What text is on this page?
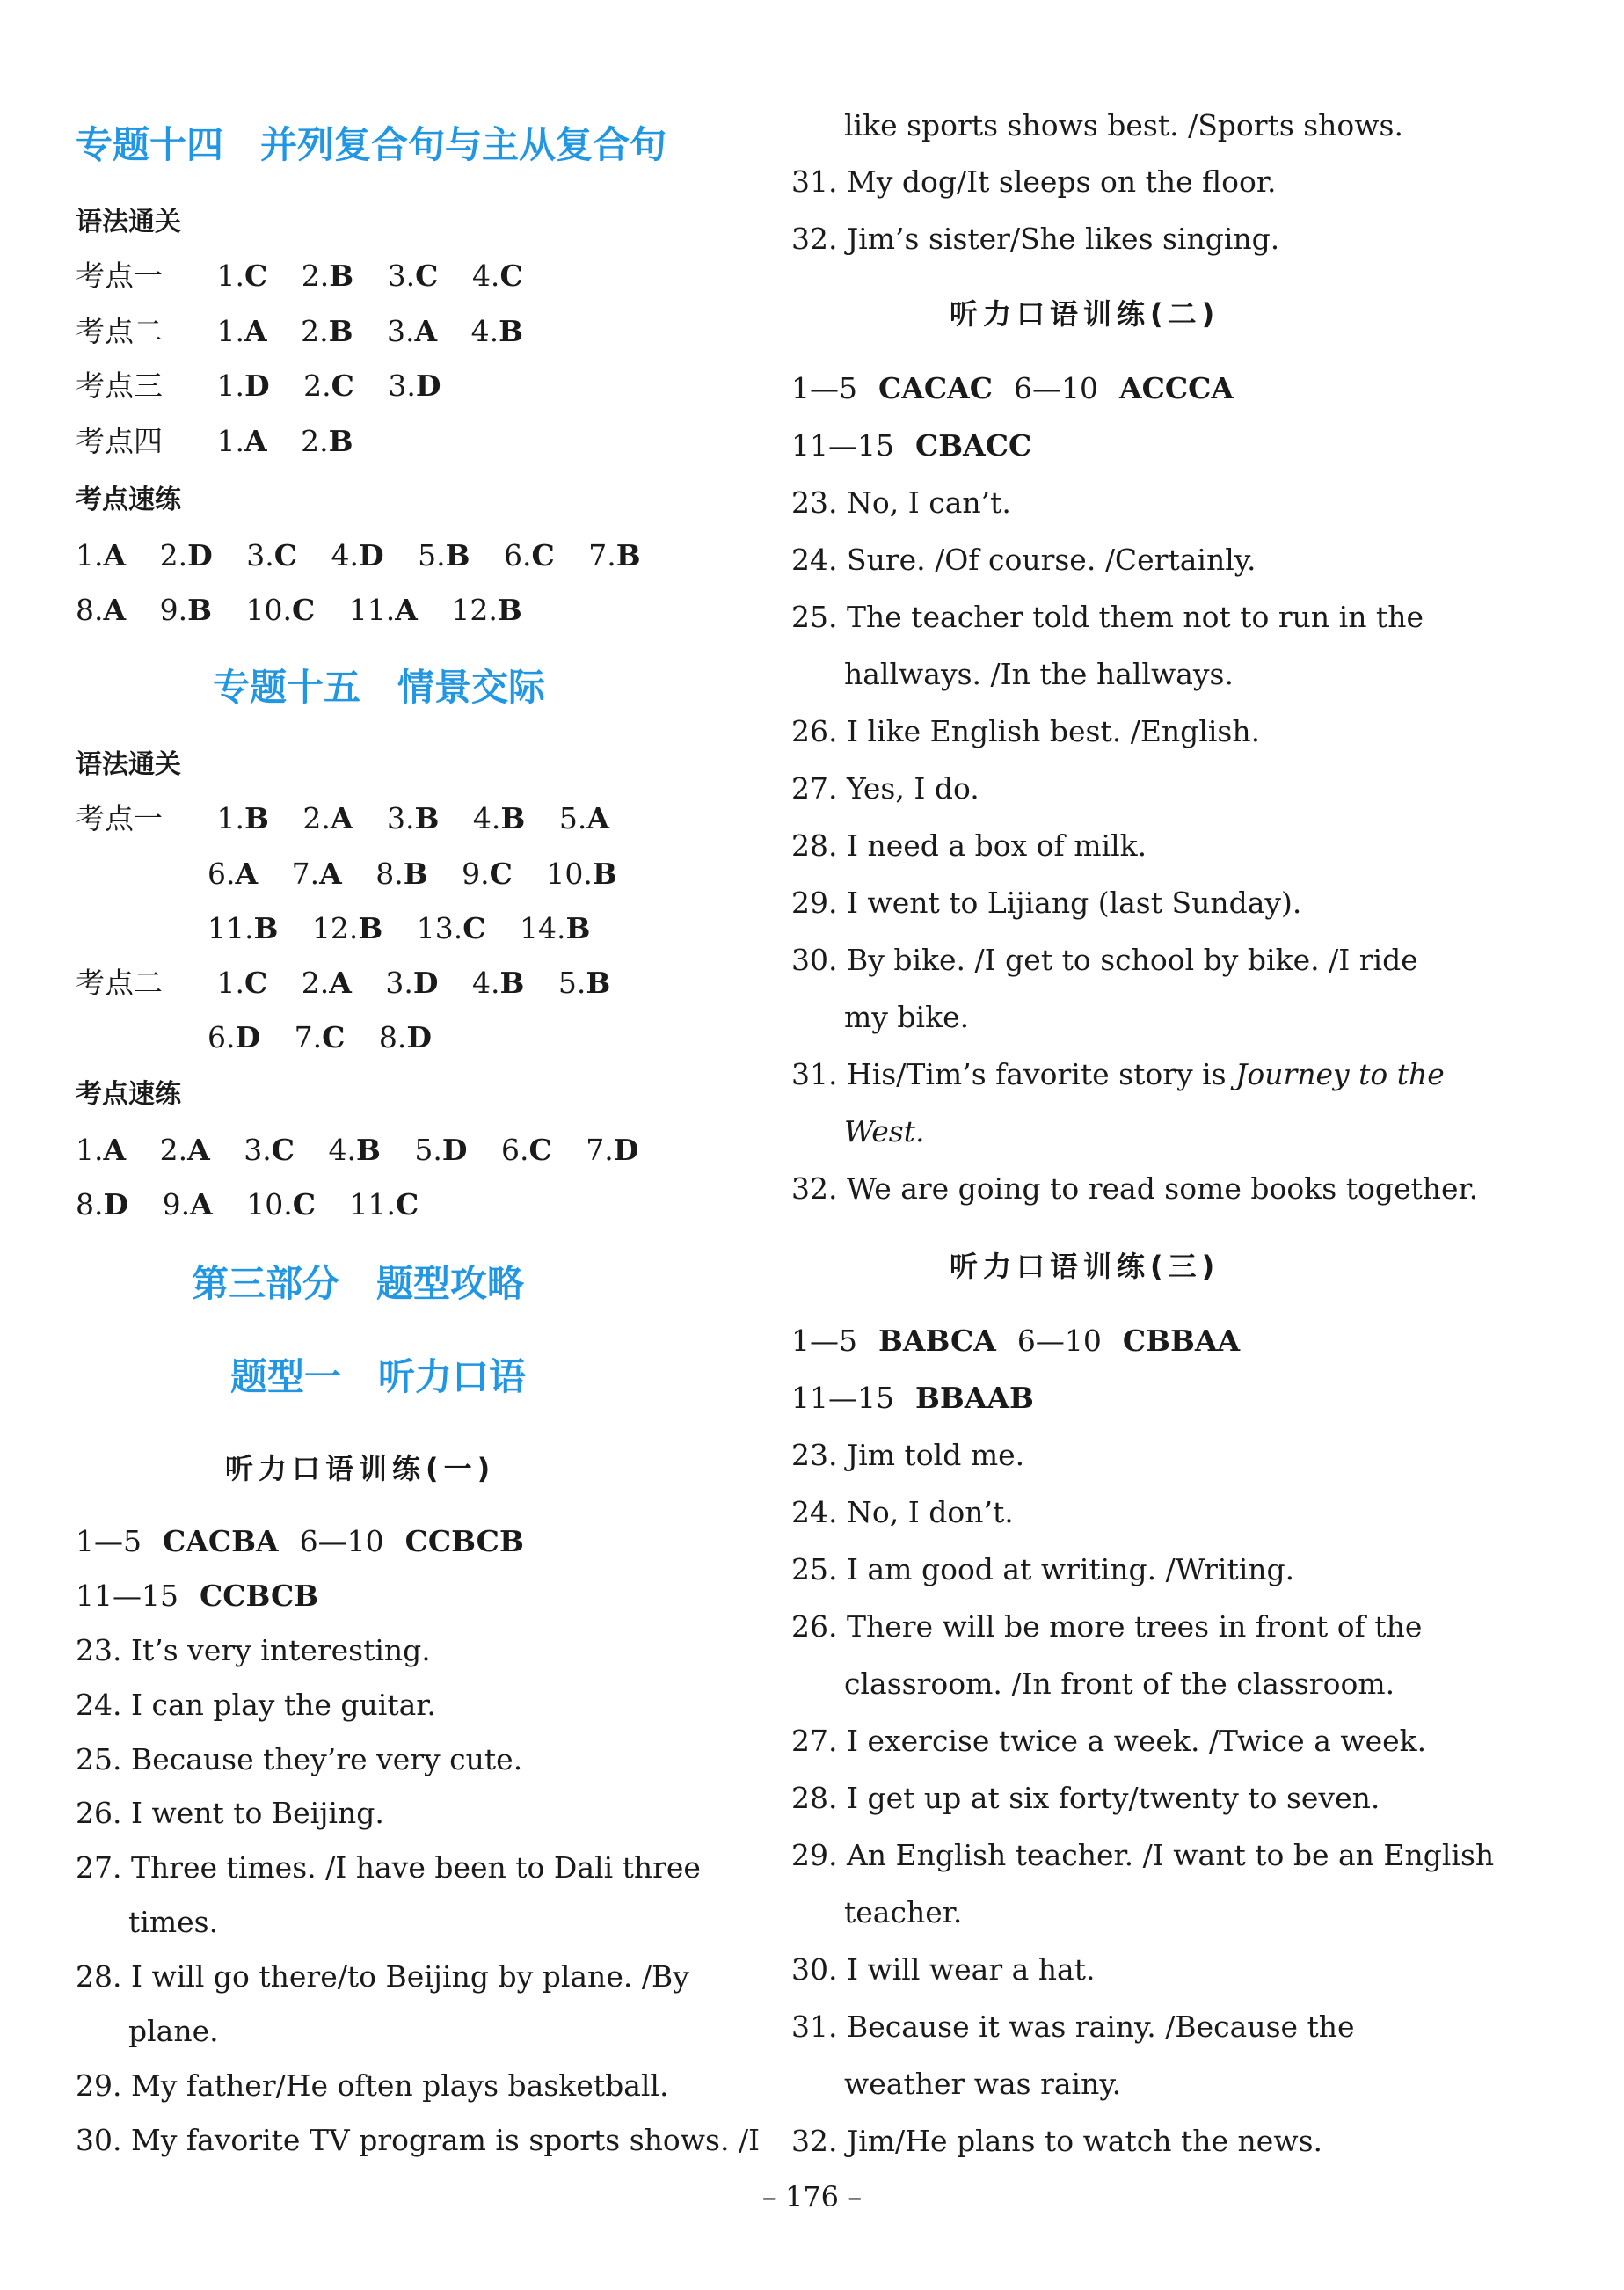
专题十四　并列复合句与主从复合句
语法通关
考点一 1.C 2.B 3.C 4.C
考点二 1.A 2.B 3.A 4.B
考点三 1.D 2.C 3.D
考点四 1.A 2.B
考点速练
1.A 2.D 3.C 4.D 5.B 6.C 7.B
8.A 9.B 10.C 11.A 12.B
专题十五　情景交际
语法通关
考点一 1.B 2.A 3.B 4.B 5.A
6.A 7.A 8.B 9.C 10.B
11.B 12.B 13.C 14.B
考点二 1.C 2.A 3.D 4.B 5.B
6.D 7.C 8.D
考点速练
1.A 2.A 3.C 4.B 5.D 6.C 7.D
8.D 9.A 10.C 11.C
第三部分　题型攻略
题型一　听力口语
听力口语训练(一)
1—5 CACBA 6—10 CCBCB
11—15 CCBCB
23. It’s very interesting.
24. I can play the guitar.
25. Because they’re very cute.
26. I went to Beijing.
27. Three times. /I have been to Dali three
times.
28. I will go there/to Beijing by plane. /By
plane.
29. My father/He often plays basketball.
30. My favorite TV program is sports shows. /I
like sports shows best. /Sports shows.
31. My dog/It sleeps on the floor.
32. Jim’s sister/She likes singing.
听力口语训练(二)
1—5 CACAC 6—10 ACCCA
11—15 CBACC
23. No, I can’t.
24. Sure. /Of course. /Certainly.
25. The teacher told them not to run in the
hallways. /In the hallways.
26. I like English best. /English.
27. Yes, I do.
28. I need a box of milk.
29. I went to Lijiang (last Sunday).
30. By bike. /I get to school by bike. /I ride
my bike.
31. His/Tim’s favorite story is Journey to the
West.
32. We are going to read some books together.
听力口语训练(三)
1—5 BABCA 6—10 CBBAA
11—15 BBAAB
23. Jim told me.
24. No, I don’t.
25. I am good at writing. /Writing.
26. There will be more trees in front of the
classroom. /In front of the classroom.
27. I exercise twice a week. /Twice a week.
28. I get up at six forty/twenty to seven.
29. An English teacher. /I want to be an English
teacher.
30. I will wear a hat.
31. Because it was rainy. /Because the
weather was rainy.
32. Jim/He plans to watch the news.
– 176 –
